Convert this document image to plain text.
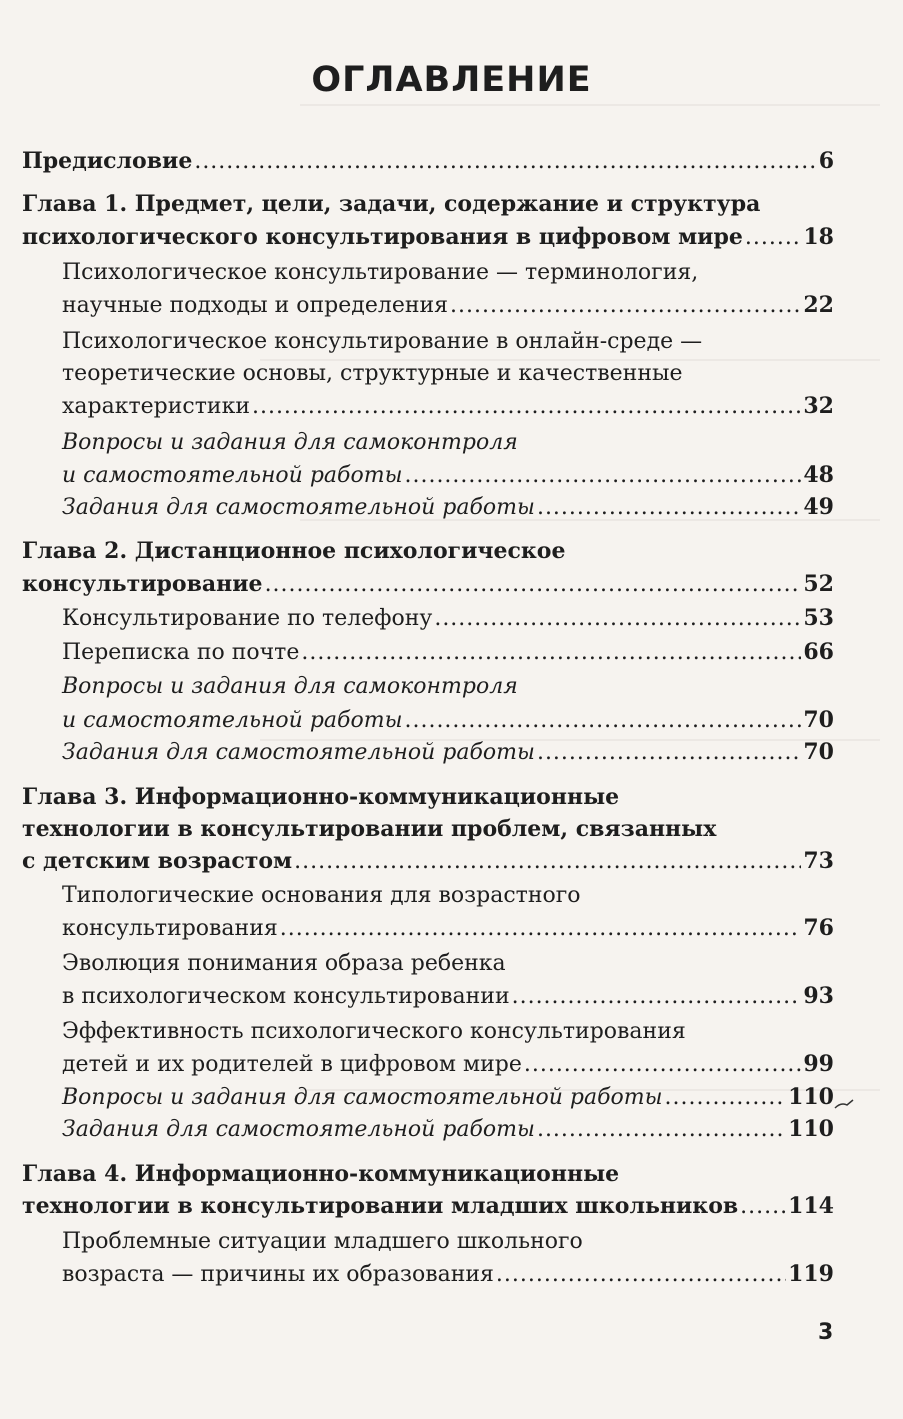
ОГЛАВЛЕНИЕ
Предисловие . . .	6
Глава 1. Предмет, цели, задачи, содержание и структура
психологического консультирования в цифровом мире . . .	18
Психологическое консультирование — терминология,
научные подходы и определения . . .	22
Психологическое консультирование в онлайн-среде —
теоретические основы, структурные и качественные
характеристики . . .	32
Вопросы и задания для самоконтроля
и самостоятельной работы . . .	48
Задания для самостоятельной работы . . .	49
Глава 2. Дистанционное психологическое
консультирование . . .	52
Консультирование по телефону . . .	53
Переписка по почте . . .	66
Вопросы и задания для самоконтроля
и самостоятельной работы . . .	70
Задания для самостоятельной работы . . .	70
Глава 3. Информационно-коммуникационные
технологии в консультировании проблем, связанных
с детским возрастом . . .	73
Типологические основания для возрастного
консультирования . . .	76
Эволюция понимания образа ребенка
в психологическом консультировании . . .	93
Эффективность психологического консультирования
детей и их родителей в цифровом мире . . .	99
Вопросы и задания для самостоятельной работы . . .	110
Задания для самостоятельной работы . . .	110
Глава 4. Информационно-коммуникационные
технологии в консультировании младших школьников . . . 114
Проблемные ситуации младшего школьного
возраста — причины их образования . . .	119
3
